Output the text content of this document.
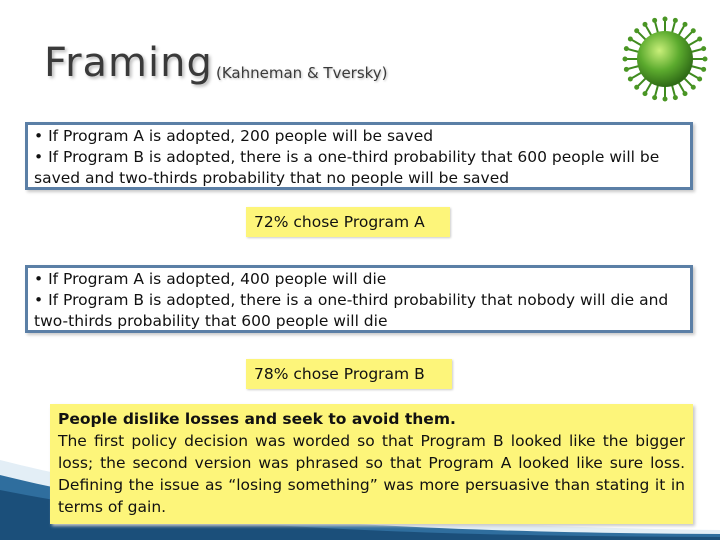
Framing (Kahneman & Tversky)

• If Program A is adopted, 200 people will be saved

• If Program B is adopted, there is a one-third probability that 600 people will be saved and two-thirds probability that no people will be saved

72% chose Program A

• If Program A is adopted, 400 people will die

• If Program B is adopted, there is a one-third probability that nobody will die and two-thirds probability that 600 people will die

78% chose Program B
People dislike losses and seek to avoid them.
The first policy decision was worded so that Program B looked like the bigger loss; the second version was phrased so that Program A looked like sure loss. Defining the issue as “losing something” was more persuasive than stating it in terms of gain.
